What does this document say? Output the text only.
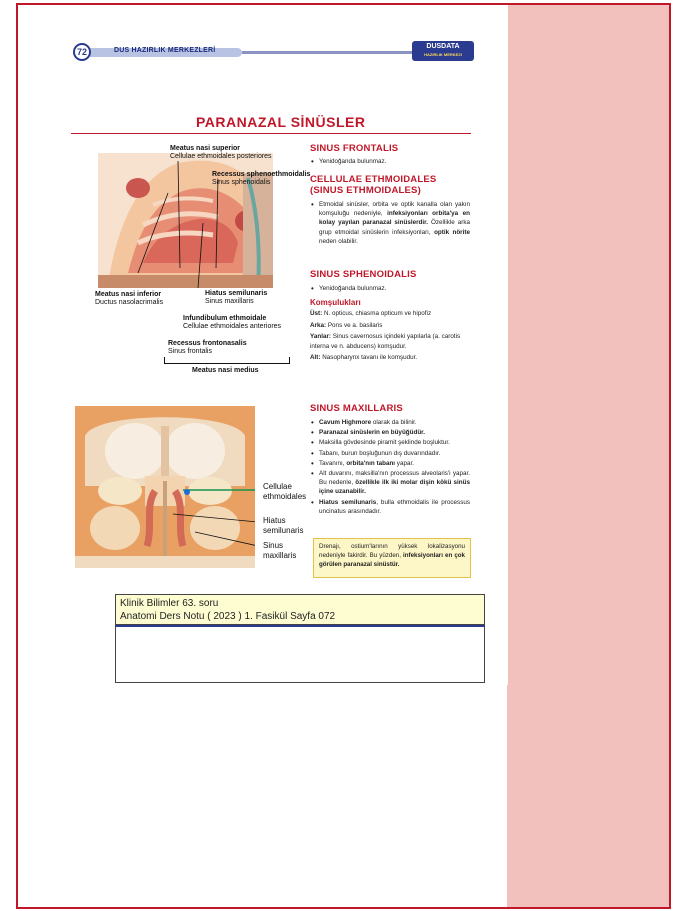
72	DUS HAZIRLIK MERKEZLERİ
DUSDATA
HAZIRLIK MERKEZI
PARANAZAL SİNÜSLER
Meatus nasi superior
Cellulae ethmoidales posteriores
Recessus sphenoethmoidalis
Sinus sphenoidalis
Meatus nasi inferior
Ductus nasolacrimalis
Hiatus semilunaris
Sinus maxillaris
Infundibulum ethmoidale
Cellulae ethmoidales anteriores
Recessus frontonasalis
Sinus frontalis
Meatus nasi medius
Cellulae ethmoidales
Hiatus semilunaris
Sinus maxillaris
SINUS FRONTALIS
• Yenidoğanda bulunmaz.
CELLULAE ETHMOIDALES (SINUS ETHMOIDALES)
• Etmoidal sinüsler, orbita ve optik kanalla olan yakın komşuluğu nedeniyle, infeksiyonları orbita'ya en kolay yayılan paranazal sinüslerdir. Özellikle arka grup etmoidal sinüslerin infeksiyonları, optik nörite neden olabilir.
SINUS SPHENOIDALIS
• Yenidoğanda bulunmaz.
Komşulukları
Üst: N. opticus, chiasma opticum ve hipofiz
Arka: Pons ve a. basilaris
Yanlar: Sinus cavernosus içindeki yapılarla (a. carotis interna ve n. abducens) komşudur.
Alt: Nasopharynx tavanı ile komşudur.
SINUS MAXILLARIS
• Cavum Highmore olarak da bilinir.
• Paranazal sinüslerin en büyüğüdür.
• Maksilla gövdesinde piramit şeklinde boşluktur.
• Tabanı, burun boşluğunun dış duvarındadır.
• Tavanını, orbita'nın tabanı yapar.
• Alt duvarını, maksilla'nın processus alveolaris'i yapar. Bu nedenle, özellikle ilk iki molar dişin kökü sinüs içine uzanabilir.
• Hiatus semilunaris, bulla ethmoidalis ile processus uncinatus arasındadır.
Drenajı, ostium'larının yüksek lokalizasyonu nedeniyle fakirdir. Bu yüzden, infeksiyonları en çok görülen paranazal sinüstür.
Klinik Bilimler 63. soru
Anatomi Ders Notu ( 2023 ) 1. Fasikül Sayfa 072
